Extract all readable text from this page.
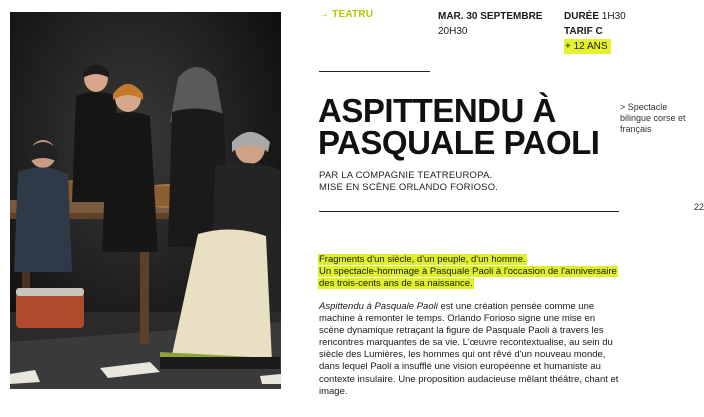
→ TEATRU	MAR. 30 SEPTEMBRE
20H30
DURÉE 1H30
TARIF C
+ 12 ANS
ASPITTENDU À
PASQUALE PAOLI
> Spectacle bilingue corse et français
22
PAR LA COMPAGNIE TEATREUROPA.
MISE EN SCÈNE ORLANDO FORIOSO.
Fragments d'un siècle, d'un peuple, d'un homme.
Un spectacle-hommage à Pasquale Paoli à l'occasion de l'anniversaire des trois-cents ans de sa naissance.
Aspittendu à Pasquale Paoli est une création pensée comme une machine à remonter le temps. Orlando Forioso signe une mise en scène dynamique retraçant la figure de Pasquale Paoli à travers les rencontres marquantes de sa vie. L'œuvre recontextualise, au sein du siècle des Lumières, les hommes qui ont rêvé d'un nouveau monde, dans lequel Paoli a insufflé une vision européenne et humaniste au contexte insulaire. Une proposition audacieuse mêlant théâtre, chant et image.
